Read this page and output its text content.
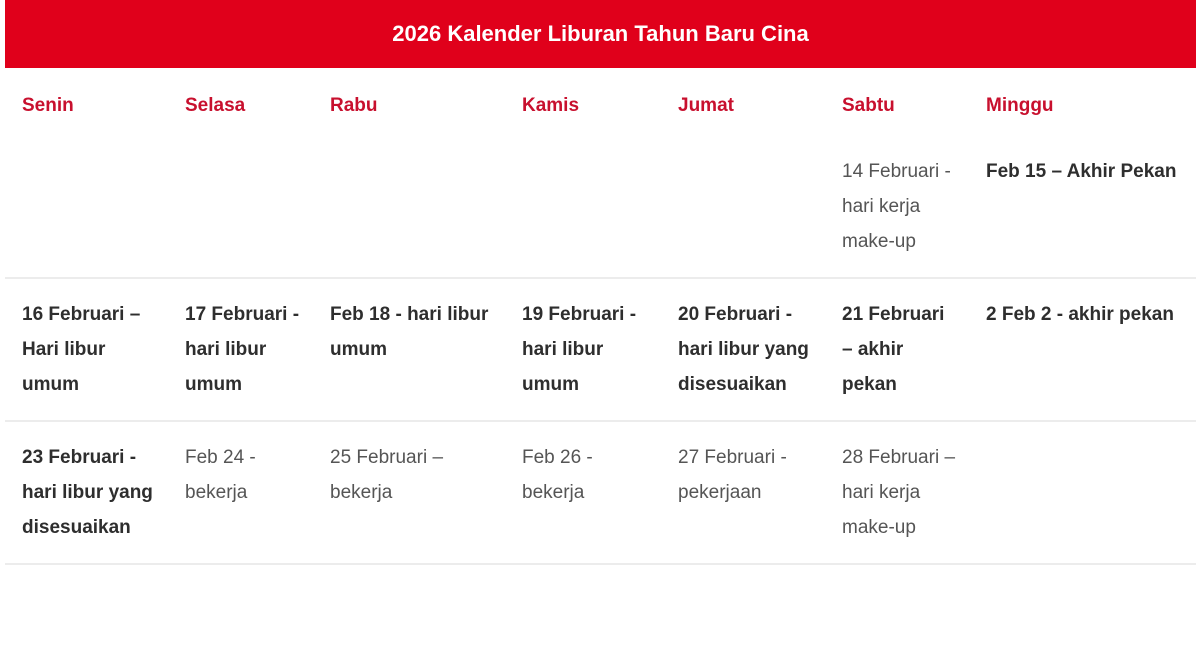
2026 Kalender Liburan Tahun Baru Cina
Senin	Selasa	Rabu	Kamis	Jumat	Sabtu	Minggu
					14 Februari - hari kerja make-up	Feb 15 – Akhir Pekan
16 Februari – Hari libur umum	17 Februari - hari libur umum	Feb 18 - hari libur umum	19 Februari - hari libur umum	20 Februari - hari libur yang disesuaikan	21 Februari – akhir pekan	2 Feb 2 - akhir pekan
23 Februari - hari libur yang disesuaikan	Feb 24 - bekerja	25 Februari – bekerja	Feb 26 - bekerja	27 Februari - pekerjaan	28 Februari – hari kerja make-up	
